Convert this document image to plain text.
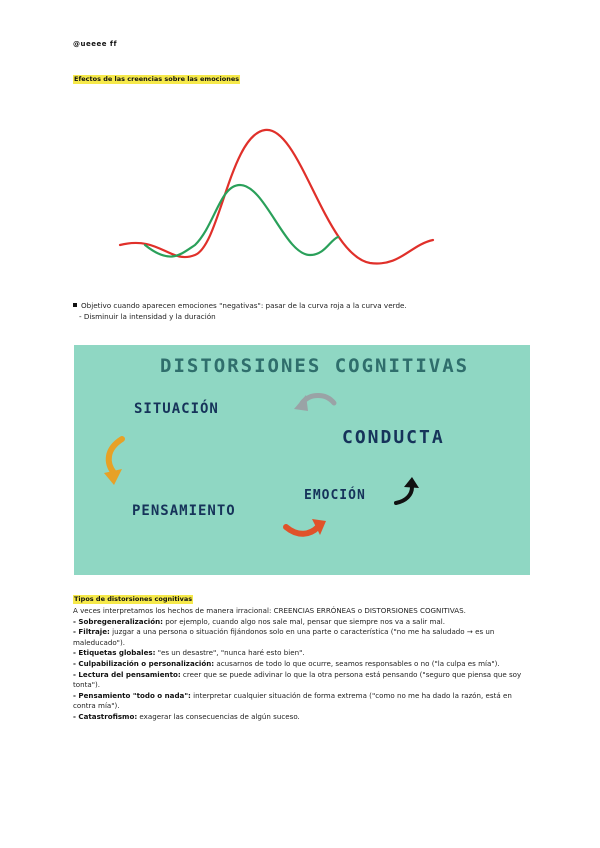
@ueeee ff
Efectos de las creencias sobre las emociones
Objetivo cuando aparecen emociones "negativas": pasar de la curva roja a la curva verde.
- Disminuir la intensidad y la duración
DISTORSIONES COGNITIVAS
SITUACIÓN
CONDUCTA
PENSAMIENTO
EMOCIÓN
Tipos de distorsiones cognitivas

A veces interpretamos los hechos de manera irracional: CREENCIAS ERRÓNEAS o DISTORSIONES COGNITIVAS.

- Sobregeneralización: por ejemplo, cuando algo nos sale mal, pensar que siempre nos va a salir mal.

- Filtraje: juzgar a una persona o situación fijándonos solo en una parte o característica ("no me ha saludado → es un maleducado").

- Etiquetas globales: "es un desastre", "nunca haré esto bien".

- Culpabilización o personalización: acusarnos de todo lo que ocurre, seamos responsables o no ("la culpa es mía").

- Lectura del pensamiento: creer que se puede adivinar lo que la otra persona está pensando ("seguro que piensa que soy tonta").

- Pensamiento "todo o nada": interpretar cualquier situación de forma extrema ("como no me ha dado la razón, está en contra mía").

- Catastrofismo: exagerar las consecuencias de algún suceso.
